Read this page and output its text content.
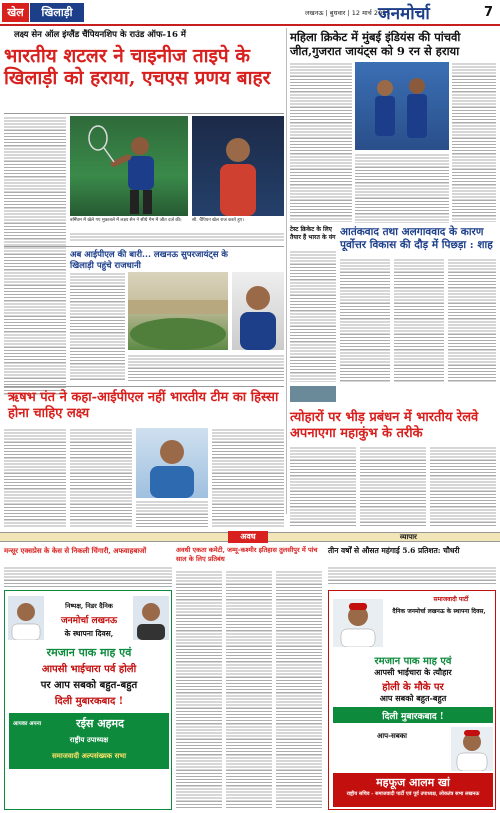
खेल	खिलाड़ी	लखनऊ | बुधवार | 12 मार्च 2025
जनमोर्चा	7
लक्ष्य सेन ऑल इंग्लैंड चैंपियनशिप के राउंड ऑफ-16 में
भारतीय शटलर ने चाइनीज ताइपे के खिलाड़ी को हराया, एचएस प्रणय बाहर
बर्मिंघम में खेले गए मुकाबले में लक्ष्य सेन ने सीधे गेम में जीत दर्ज की।	सी. चैंपियन खेल राज करते हुए।
महिला क्रिकेट में मुंबई इंडियंस की पांचवी जीत,गुजरात जायंट्स को 9 रन से हराया
अब आईपीएल की बारी... लखनऊ सुपरजायंट्स के खिलाड़ी पहुंचे राजधानी
आतंकवाद तथा अलगाववाद के कारण पूर्वोत्तर विकास की दौड़ में पिछड़ा : शाह
टेस्ट क्रिकेट के लिए तैयार हैं भारत के यंग
ऋषभ पंत ने कहा-आईपीएल नहीं भारतीय टीम का हिस्सा होना चाहिए लक्ष्य	त्योहारों पर भीड़ प्रबंधन में भारतीय रेलवे अपनाएगा महाकुंभ के तरीके
अवध	व्यापार
मन्सूर एक्सप्रेस के केस से निकली चिंगारी, अफवाहबाजों	अवधी एकता कमेटी, जम्मू-कश्मीर इतिहास तुलसीपुर में पांच साल के लिए प्रतिबंध
तीन वर्षों से औसत महंगाई 5.6 प्रतिशत: चौधरी
निष्पक्ष, निडर दैनिक
जनमोर्चा लखनऊ
के स्थापना दिवस,
रमजान पाक माह एवं
आपसी भाईचारा पर्व होली
पर आप सबको बहुत-बहुत
दिली मुबारकबाद !
आपका अपना	रईस अहमद
राष्ट्रीय उपाध्यक्ष
समाजवादी अल्पसंख्यक सभा
समाजवादी पार्टी
दैनिक जनमोर्चा लखनऊ के स्थापना दिवस,
रमजान पाक माह एवं
आपसी भाईचारा के त्यौहार
होली के मौके पर
आप सबको बहुत-बहुत
दिली मुबारकबाद !
आप-सबका
महफूज आलम खां
राष्ट्रीय सचिव - समाजवादी पार्टी एवं पूर्व उपाध्यक्ष, लोकतंत्र सभा लखनऊ
